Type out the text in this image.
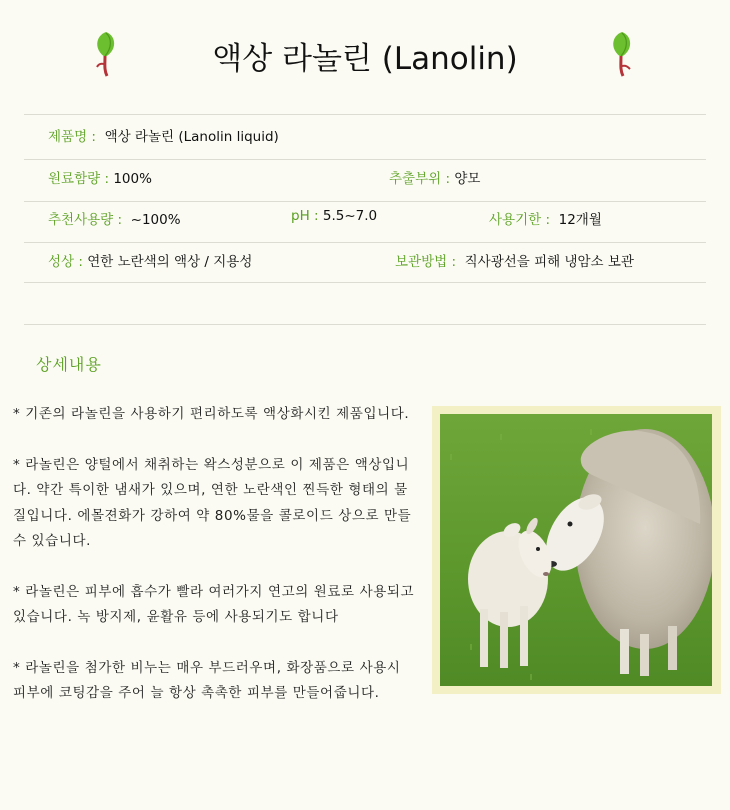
액상 라놀린 (Lanolin)
제품명 : 액상 라놀린 (Lanolin liquid)
원료함량 : 100%	추출부위 : 양모
추천사용량 : ~100%	pH : 5.5~7.0	사용기한 : 12개월
성상 : 연한 노란색의 액상 / 지용성	보관방법 : 직사광선을 피해 냉암소 보관
상세내용

* 기존의 라놀린을 사용하기 편리하도록 액상화시킨 제품입니다.

* 라놀린은 양털에서 채취하는 왁스성분으로 이 제품은 액상입니다. 약간 특이한 냄새가 있으며, 연한 노란색인 찐득한 형태의 물질입니다. 에몰젼화가 강하여 약 80%물을 콜로이드 상으로 만들 수 있습니다.

* 라놀린은 피부에 흡수가 빨라 여러가지 연고의 원료로 사용되고 있습니다. 녹 방지제, 윤활유 등에 사용되기도 합니다

* 라놀린을 첨가한 비누는 매우 부드러우며, 화장품으로 사용시 피부에 코팅감을 주어 늘 항상 촉촉한 피부를 만들어줍니다.
